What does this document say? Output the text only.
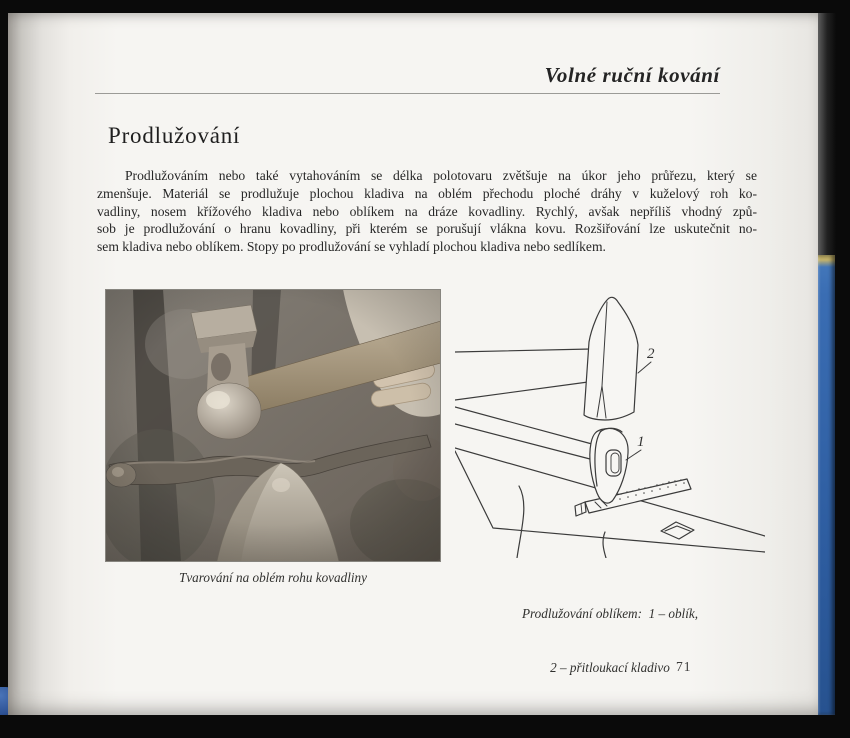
Volné ruční kování
Prodlužování
Prodlužováním nebo také vytahováním se délka polotovaru zvětšuje na úkor jeho průřezu, který se
zmenšuje. Materiál se prodlužuje plochou kladiva na oblém přechodu ploché dráhy v kuželový roh ko-
vadliny, nosem křížového kladiva nebo oblíkem na dráze kovadliny. Rychlý, avšak nepříliš vhodný způ-
sob je prodlužování o hranu kovadliny, při kterém se porušují vlákna kovu. Rozšiřování lze uskutečnit no-
sem kladiva nebo oblíkem. Stopy po prodlužování se vyhladí plochou kladiva nebo sedlíkem.
2
1
Tvarování na oblém rohu kovadliny

Prodlužování oblíkem:  1 – oblík,

2 – přitloukací kladivo

71
